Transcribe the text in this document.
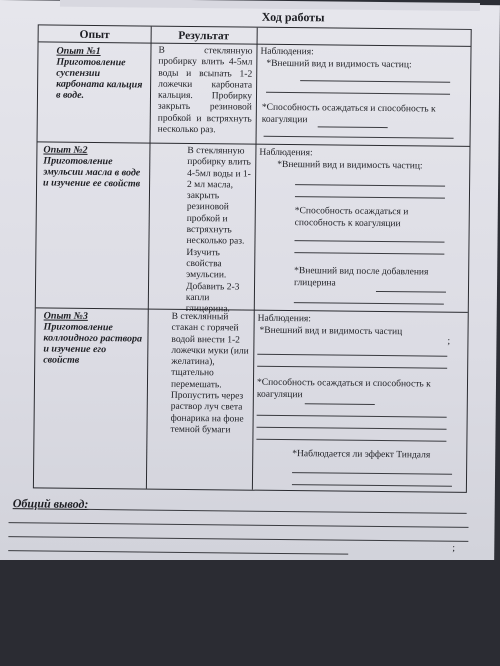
Ход работы
Опыт	Результат
Опыт №1
Приготовление суспензии карбоната кальция в воде.
В стеклянную пробирку влить 4-5мл воды и всыпать 1-2 ложечки карбоната кальция. Пробирку закрыть резиновой пробкой и встряхнуть несколько раз.
Наблюдения:
*Внешний вид и видимость частиц:
*Способность осаждаться и способность к коагуляции
Опыт №2
Приготовление эмульсии масла в воде и изучение ее свойств
В стеклянную пробирку влить 4-5мл воды и 1-2 мл масла, закрыть резиновой пробкой и встряхнуть несколько раз. Изучить свойства эмульсии. Добавить 2-3 капли глицерина.
Наблюдения:
*Внешний вид и видимость частиц:
*Способность осаждаться и способность к коагуляции
*Внешний вид после добавления глицерина
Опыт №3
Приготовление коллоидного раствора и изучение его свойств
В стеклянный стакан с горячей водой внести 1-2 ложечки муки (или желатина), тщательно перемешать. Пропустить через раствор луч света фонарика на фоне темной бумаги
Наблюдения:
*Внешний вид и видимость частиц
;
*Способность осаждаться и способность к коагуляции
*Наблюдается ли эффект Тиндаля
Общий вывод:
;
